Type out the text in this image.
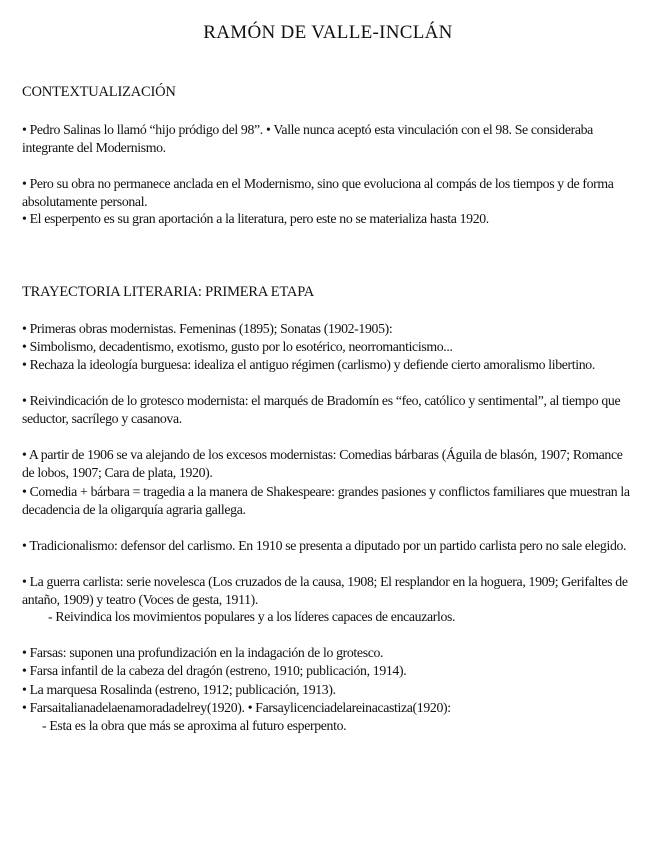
RAMÓN DE VALLE-INCLÁN
CONTEXTUALIZACIÓN

• Pedro Salinas lo llamó “hijo pródigo del 98”. • Valle nunca aceptó esta vinculación con el 98. Se consideraba integrante del Modernismo.

• Pero su obra no permanece anclada en el Modernismo, sino que evoluciona al compás de los tiempos y de forma absolutamente personal.

• El esperpento es su gran aportación a la literatura, pero este no se materializa hasta 1920.

TRAYECTORIA LITERARIA: PRIMERA ETAPA

• Primeras obras modernistas. Femeninas (1895); Sonatas (1902-1905):

• Simbolismo, decadentismo, exotismo, gusto por lo esotérico, neorromanticismo...

• Rechaza la ideología burguesa: idealiza el antiguo régimen (carlismo) y defiende cierto amoralismo libertino.

• Reivindicación de lo grotesco modernista: el marqués de Bradomín es “feo, católico y sentimental”, al tiempo que seductor, sacrílego y casanova.

• A partir de 1906 se va alejando de los excesos modernistas: Comedias bárbaras (Águila de blasón, 1907; Romance de lobos, 1907; Cara de plata, 1920).

• Comedia + bárbara = tragedia a la manera de Shakespeare: grandes pasiones y conflictos familiares que muestran la decadencia de la oligarquía agraria gallega.

• Tradicionalismo: defensor del carlismo. En 1910 se presenta a diputado por un partido carlista pero no sale elegido.

• La guerra carlista: serie novelesca (Los cruzados de la causa, 1908; El resplandor en la hoguera, 1909; Gerifaltes de antaño, 1909) y teatro (Voces de gesta, 1911).

- Reivindica los movimientos populares y a los líderes capaces de encauzarlos.

• Farsas: suponen una profundización en la indagación de lo grotesco.

• Farsa infantil de la cabeza del dragón (estreno, 1910; publicación, 1914).

• La marquesa Rosalinda (estreno, 1912; publicación, 1913).

• Farsaitalianadelaenamoradadelrey(1920). • Farsaylicenciadelareinacastiza(1920):

- Esta es la obra que más se aproxima al futuro esperpento.
